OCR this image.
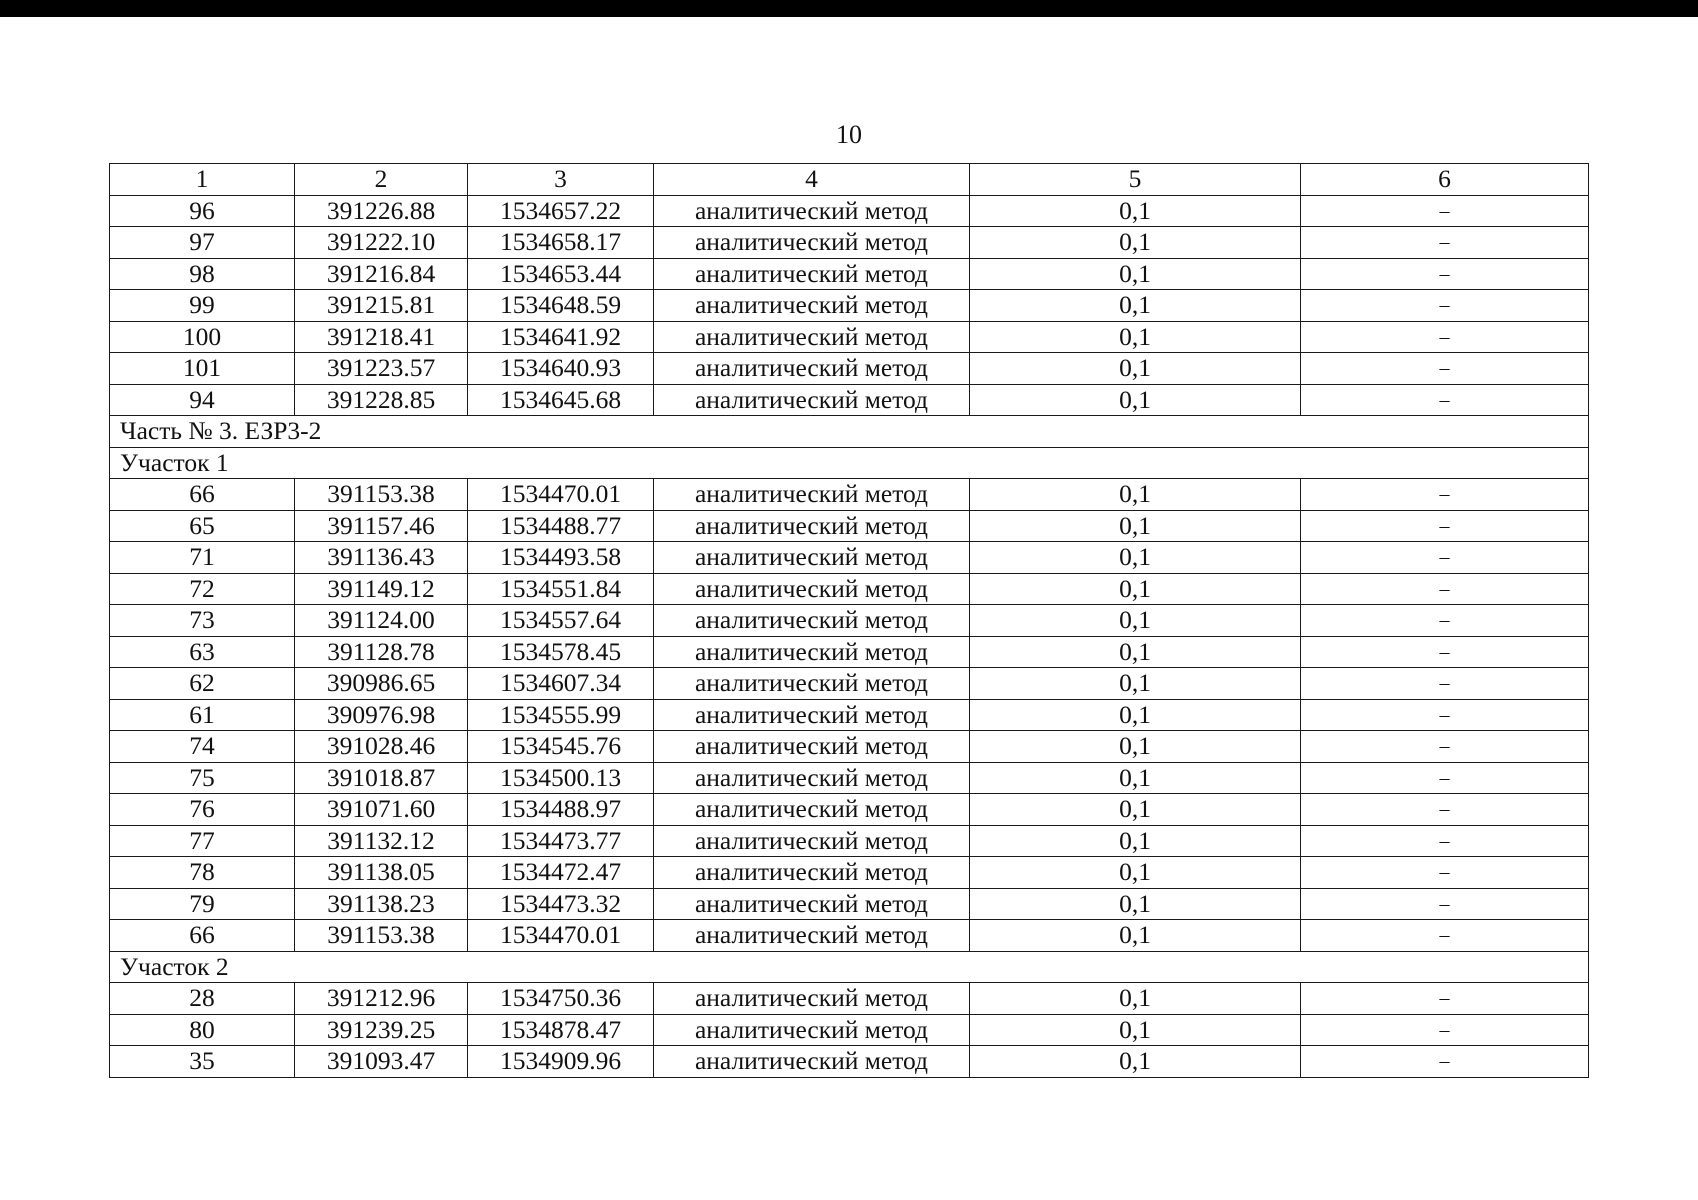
10
1	2	3	4	5	6
96	391226.88	1534657.22	аналитический метод	0,1	–
97	391222.10	1534658.17	аналитический метод	0,1	–
98	391216.84	1534653.44	аналитический метод	0,1	–
99	391215.81	1534648.59	аналитический метод	0,1	–
100	391218.41	1534641.92	аналитический метод	0,1	–
101	391223.57	1534640.93	аналитический метод	0,1	–
94	391228.85	1534645.68	аналитический метод	0,1	–
Часть № 3. ЕЗР3-2					
Участок 1					
66	391153.38	1534470.01	аналитический метод	0,1	–
65	391157.46	1534488.77	аналитический метод	0,1	–
71	391136.43	1534493.58	аналитический метод	0,1	–
72	391149.12	1534551.84	аналитический метод	0,1	–
73	391124.00	1534557.64	аналитический метод	0,1	–
63	391128.78	1534578.45	аналитический метод	0,1	–
62	390986.65	1534607.34	аналитический метод	0,1	–
61	390976.98	1534555.99	аналитический метод	0,1	–
74	391028.46	1534545.76	аналитический метод	0,1	–
75	391018.87	1534500.13	аналитический метод	0,1	–
76	391071.60	1534488.97	аналитический метод	0,1	–
77	391132.12	1534473.77	аналитический метод	0,1	–
78	391138.05	1534472.47	аналитический метод	0,1	–
79	391138.23	1534473.32	аналитический метод	0,1	–
66	391153.38	1534470.01	аналитический метод	0,1	–
Участок 2					
28	391212.96	1534750.36	аналитический метод	0,1	–
80	391239.25	1534878.47	аналитический метод	0,1	–
35	391093.47	1534909.96	аналитический метод	0,1	–
